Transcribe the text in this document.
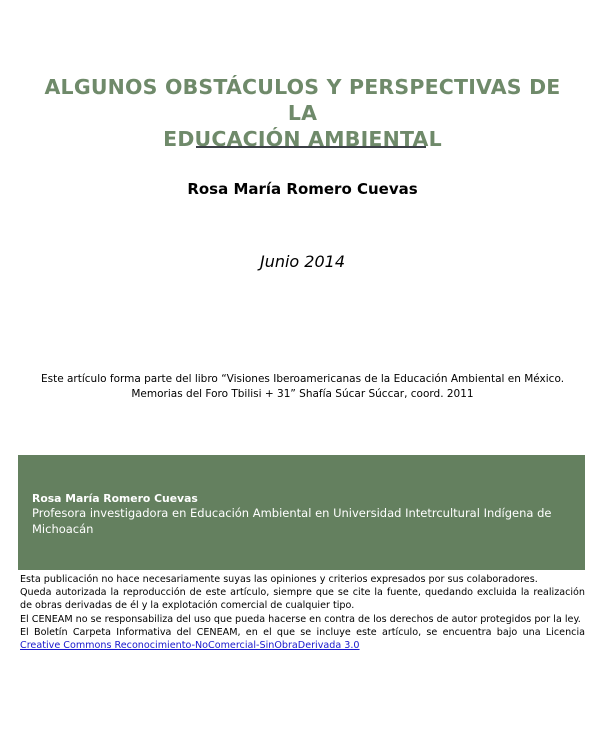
ALGUNOS OBSTÁCULOS Y PERSPECTIVAS DE LA
EDUCACIÓN AMBIENTAL
Rosa María Romero Cuevas
Junio 2014
Este artículo forma parte del libro “Visiones Iberoamericanas de la Educación Ambiental en México.
Memorias del Foro Tbilisi + 31” Shafía Súcar Súccar, coord. 2011

Rosa María Romero Cuevas

Profesora investigadora en Educación Ambiental en Universidad Intetrcultural Indígena de Michoacán

Esta publicación no hace necesariamente suyas las opiniones y criterios expresados por sus colaboradores.

Queda autorizada la reproducción de este artículo, siempre que se cite la fuente, quedando excluida la realización de obras derivadas de él y la explotación comercial de cualquier tipo.

El CENEAM no se responsabiliza del uso que pueda hacerse en contra de los derechos de autor protegidos por la ley.

El Boletín Carpeta Informativa del CENEAM, en el que se incluye este artículo, se encuentra bajo una Licencia Creative Commons Reconocimiento-NoComercial-SinObraDerivada 3.0
